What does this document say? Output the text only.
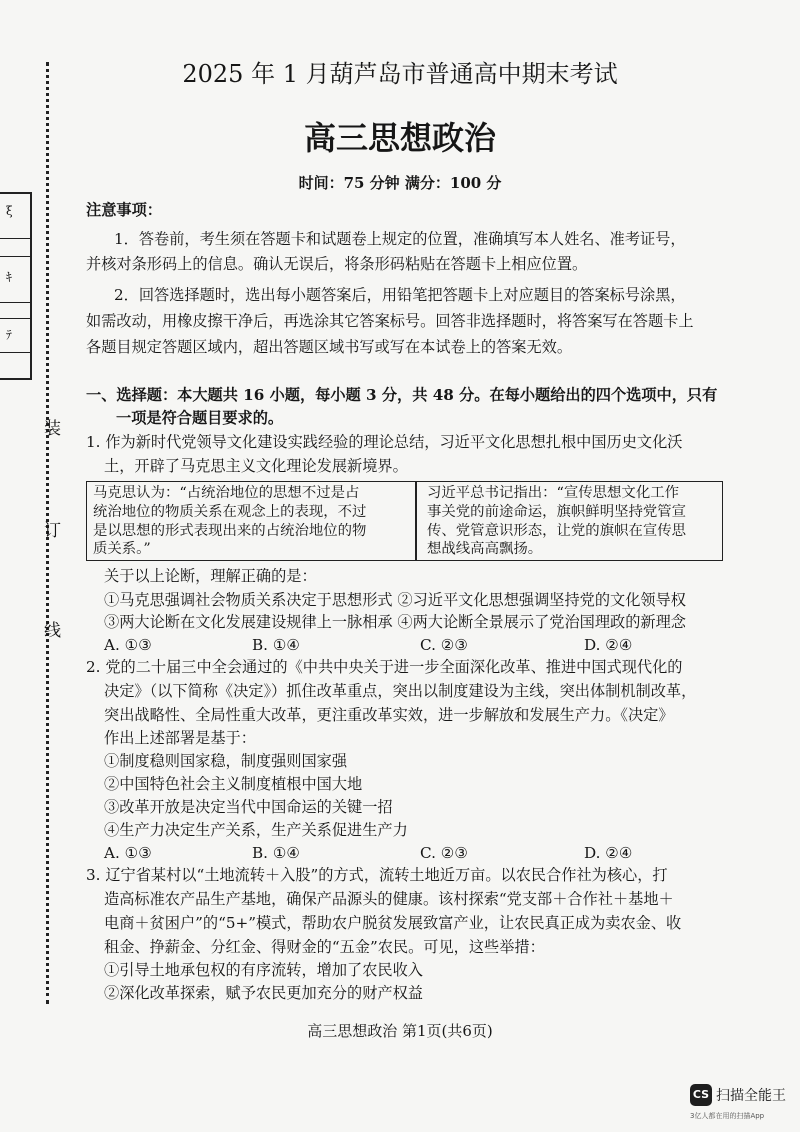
装
订
线
ξ
ｷ
ﾃ
2025 年 1 月葫芦岛市普通高中期末考试
高三思想政治
时间：75 分钟 满分：100 分
注意事项：
1．答卷前，考生须在答题卡和试题卷上规定的位置，准确填写本人姓名、准考证号，
并核对条形码上的信息。确认无误后，将条形码粘贴在答题卡上相应位置。
2．回答选择题时，选出每小题答案后，用铅笔把答题卡上对应题目的答案标号涂黑，
如需改动，用橡皮擦干净后，再选涂其它答案标号。回答非选择题时，将答案写在答题卡上
各题目规定答题区域内，超出答题区域书写或写在本试卷上的答案无效。
一、选择题：本大题共 16 小题，每小题 3 分，共 48 分。在每小题给出的四个选项中，只有
一项是符合题目要求的。
1. 作为新时代党领导文化建设实践经验的理论总结，习近平文化思想扎根中国历史文化沃
土，开辟了马克思主义文化理论发展新境界。
马克思认为：“占统治地位的思想不过是占
统治地位的物质关系在观念上的表现，不过
是以思想的形式表现出来的占统治地位的物
质关系。”
习近平总书记指出：“宣传思想文化工作
事关党的前途命运，旗帜鲜明坚持党管宣
传、党管意识形态，让党的旗帜在宣传思
想战线高高飘扬。
关于以上论断，理解正确的是：
①马克思强调社会物质关系决定于思想形式 ②习近平文化思想强调坚持党的文化领导权
③两大论断在文化发展建设规律上一脉相承 ④两大论断全景展示了党治国理政的新理念
A. ①③	B. ①④	C. ②③	D. ②④
2. 党的二十届三中全会通过的《中共中央关于进一步全面深化改革、推进中国式现代化的
决定》（以下简称《决定》）抓住改革重点，突出以制度建设为主线，突出体制机制改革，
突出战略性、全局性重大改革，更注重改革实效，进一步解放和发展生产力。《决定》
作出上述部署是基于：
①制度稳则国家稳，制度强则国家强
②中国特色社会主义制度植根中国大地
③改革开放是决定当代中国命运的关键一招
④生产力决定生产关系，生产关系促进生产力
A. ①③	B. ①④	C. ②③	D. ②④
3. 辽宁省某村以“土地流转＋入股”的方式，流转土地近万亩。以农民合作社为核心，打
造高标准农产品生产基地，确保产品源头的健康。该村探索“党支部＋合作社＋基地＋
电商＋贫困户”的“5+”模式，帮助农户脱贫发展致富产业，让农民真正成为卖农金、收
租金、挣薪金、分红金、得财金的“五金”农民。可见，这些举措：
①引导土地承包权的有序流转，增加了农民收入
②深化改革探索，赋予农民更加充分的财产权益
高三思想政治 第1页(共6页)
CS 扫描全能王
3亿人都在用的扫描App
